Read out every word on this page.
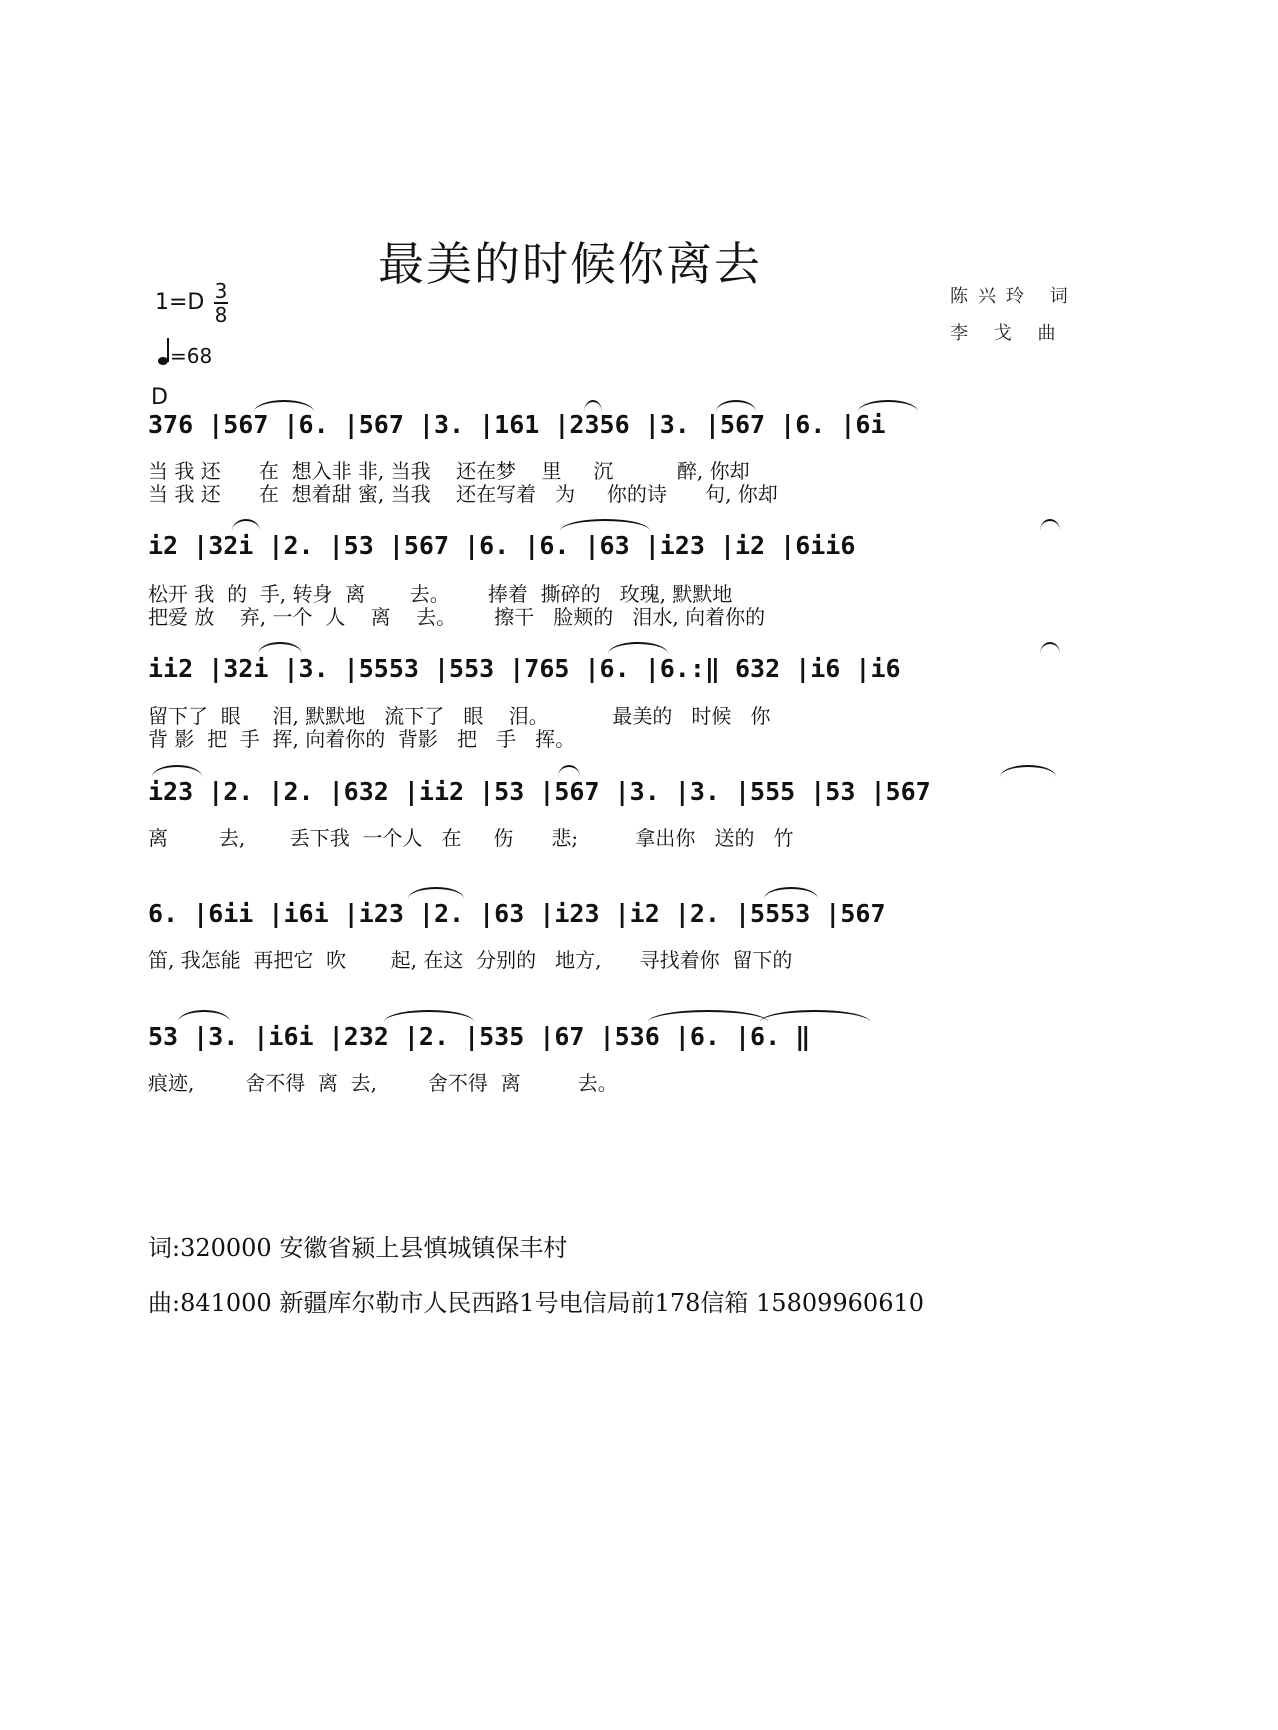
最美的时候你离去
陈兴玲 词
李 戈 曲
1=D 3
8
=68
D
376 |567 |6. |567 |3. |161 |2356 |3. |567 |6. |6i
当 我 还      在  想入非 非, 当我    还在梦    里     沉          醉, 你却
当 我 还      在  想着甜 蜜, 当我    还在写着   为     你的诗      句, 你却
i2 |32i |2. |53 |567 |6. |6. |63 |i23 |i2 |6ii6
松开 我  的  手, 转身  离       去。      捧着  撕碎的   玫瑰, 默默地
把爱 放    弃, 一个  人    离    去。      擦干   脸颊的   泪水, 向着你的
ii2 |32i |3. |5553 |553 |765 |6. |6.:‖ 632 |i6 |i6
留下了  眼     泪, 默默地   流下了   眼    泪。          最美的   时候   你
背 影  把  手  挥, 向着你的  背影   把   手   挥。
i23 |2. |2. |632 |ii2 |53 |567 |3. |3. |555 |53 |567
离        去,       丢下我  一个人   在     伤      悲;         拿出你   送的   竹
6. |6ii |i6i |i23 |2. |63 |i23 |i2 |2. |5553 |567
笛, 我怎能  再把它  吹       起, 在这  分别的   地方,      寻找着你  留下的
53 |3. |i6i |232 |2. |535 |67 |536 |6. |6. ‖
痕迹,        舍不得  离  去,        舍不得  离         去。
词:320000 安徽省颍上县慎城镇保丰村
曲:841000 新疆库尔勒市人民西路1号电信局前178信箱 15809960610
